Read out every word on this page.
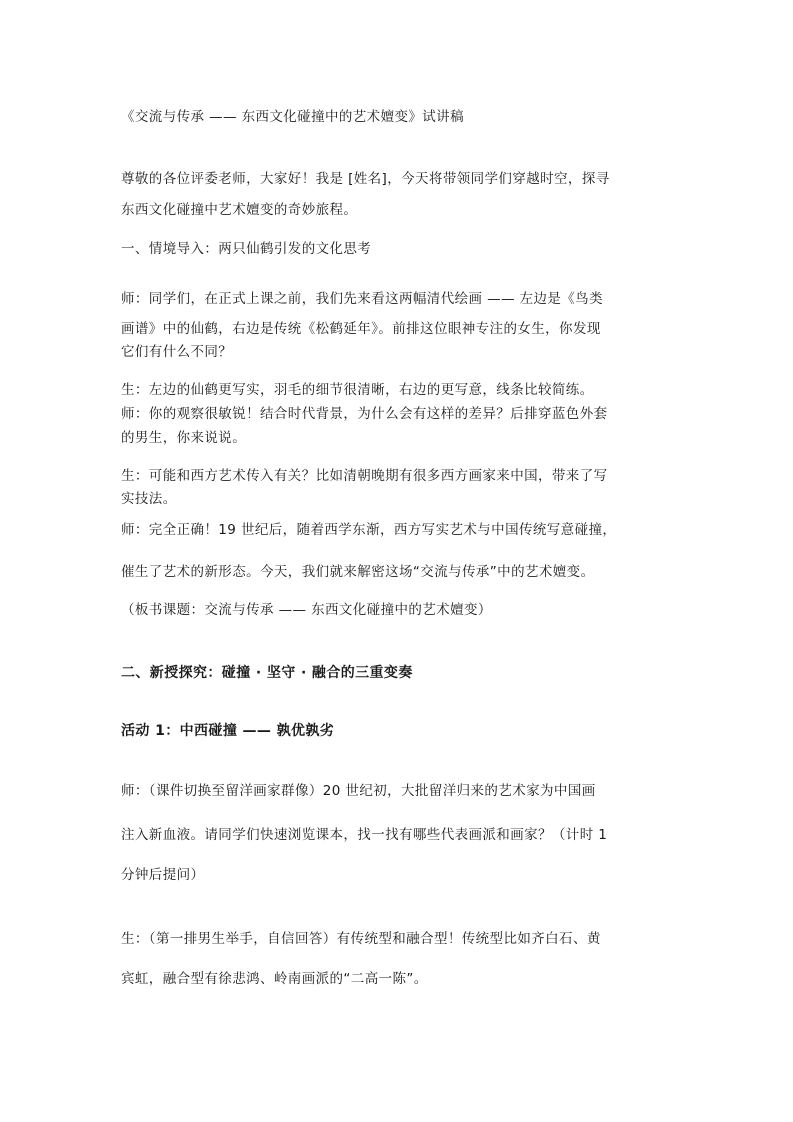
《交流与传承 —— 东西文化碰撞中的艺术嬗变》试讲稿
尊敬的各位评委老师，大家好！我是 [姓名]，今天将带领同学们穿越时空，探寻
东西文化碰撞中艺术嬗变的奇妙旅程。
一、情境导入：两只仙鹤引发的文化思考
师：同学们，在正式上课之前，我们先来看这两幅清代绘画 —— 左边是《鸟类
画谱》中的仙鹤，右边是传统《松鹤延年》。前排这位眼神专注的女生，你发现
它们有什么不同？
生：左边的仙鹤更写实，羽毛的细节很清晰，右边的更写意，线条比较简练。
师：你的观察很敏锐！结合时代背景，为什么会有这样的差异？后排穿蓝色外套
的男生，你来说说。
生：可能和西方艺术传入有关？比如清朝晚期有很多西方画家来中国，带来了写
实技法。
师：完全正确！19 世纪后，随着西学东渐，西方写实艺术与中国传统写意碰撞，
催生了艺术的新形态。今天，我们就来解密这场“交流与传承”中的艺术嬗变。
（板书课题：交流与传承 —— 东西文化碰撞中的艺术嬗变）
二、新授探究：碰撞 · 坚守 · 融合的三重变奏
活动 1：中西碰撞 —— 孰优孰劣
师：（课件切换至留洋画家群像）20 世纪初，大批留洋归来的艺术家为中国画
注入新血液。请同学们快速浏览课本，找一找有哪些代表画派和画家？（计时 1
分钟后提问）
生：（第一排男生举手，自信回答）有传统型和融合型！传统型比如齐白石、黄
宾虹，融合型有徐悲鸿、岭南画派的“二高一陈”。
